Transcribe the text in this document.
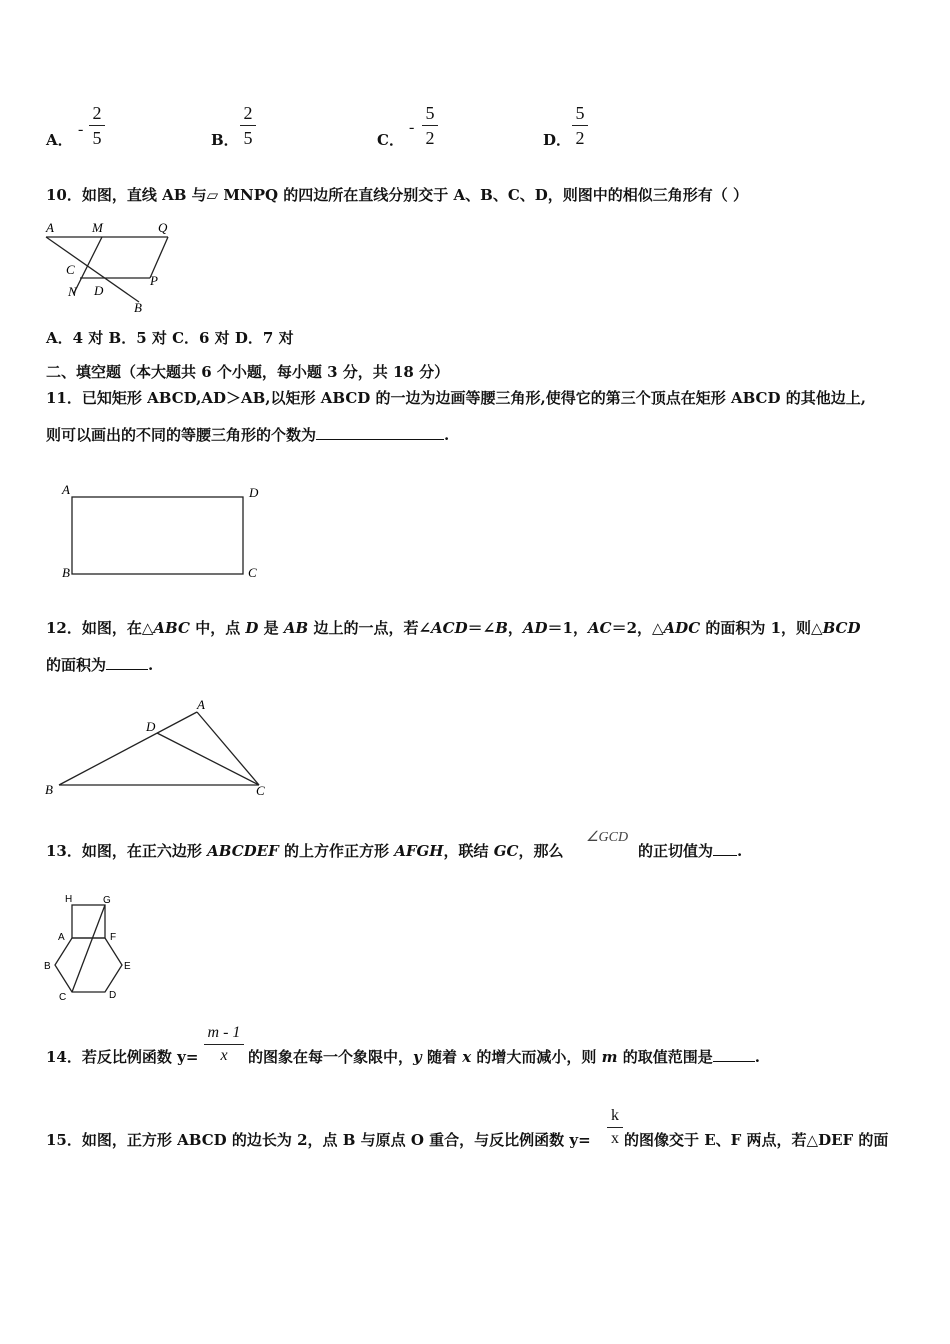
A．
-
2
5	B．
2
5	C．
-
5
2	D．
5
2
10．如图，直线 AB 与▱ MNPQ 的四边所在直线分别交于 A、B、C、D，则图中的相似三角形有（ ）
A	M	Q
C
P
N D
B
A．4 对 B．5 对 C．6 对 D．7 对
二、填空题（本大题共 6 个小题，每小题 3 分，共 18 分）
11．已知矩形 ABCD,AD＞AB,以矩形 ABCD 的一边为边画等腰三角形,使得它的第三个顶点在矩形 ABCD 的其他边上,
则可以画出的不同的等腰三角形的个数为	.
A	D
B	C
12．如图，在△ABC 中，点 D 是 AB 边上的一点，若∠ACD＝∠B，AD＝1，AC＝2，△ADC 的面积为 1，则△BCD
的面积为	.
A
D
B	C
13．如图，在正六边形 ABCDEF 的上方作正方形 AFGH，联结 GC，那么
∠GCD
的正切值为 .
H	G
A	F
B	E
C	D
14．若反比例函数 y=
m - 1
x	的图象在每一个象限中，y 随着 x 的增大而减小，则 m 的取值范围是	.
15．如图，正方形 ABCD 的边长为 2，点 B 与原点 O 重合，与反比例函数 y=
k
x 的图像交于 E、F 两点，若△DEF 的面
